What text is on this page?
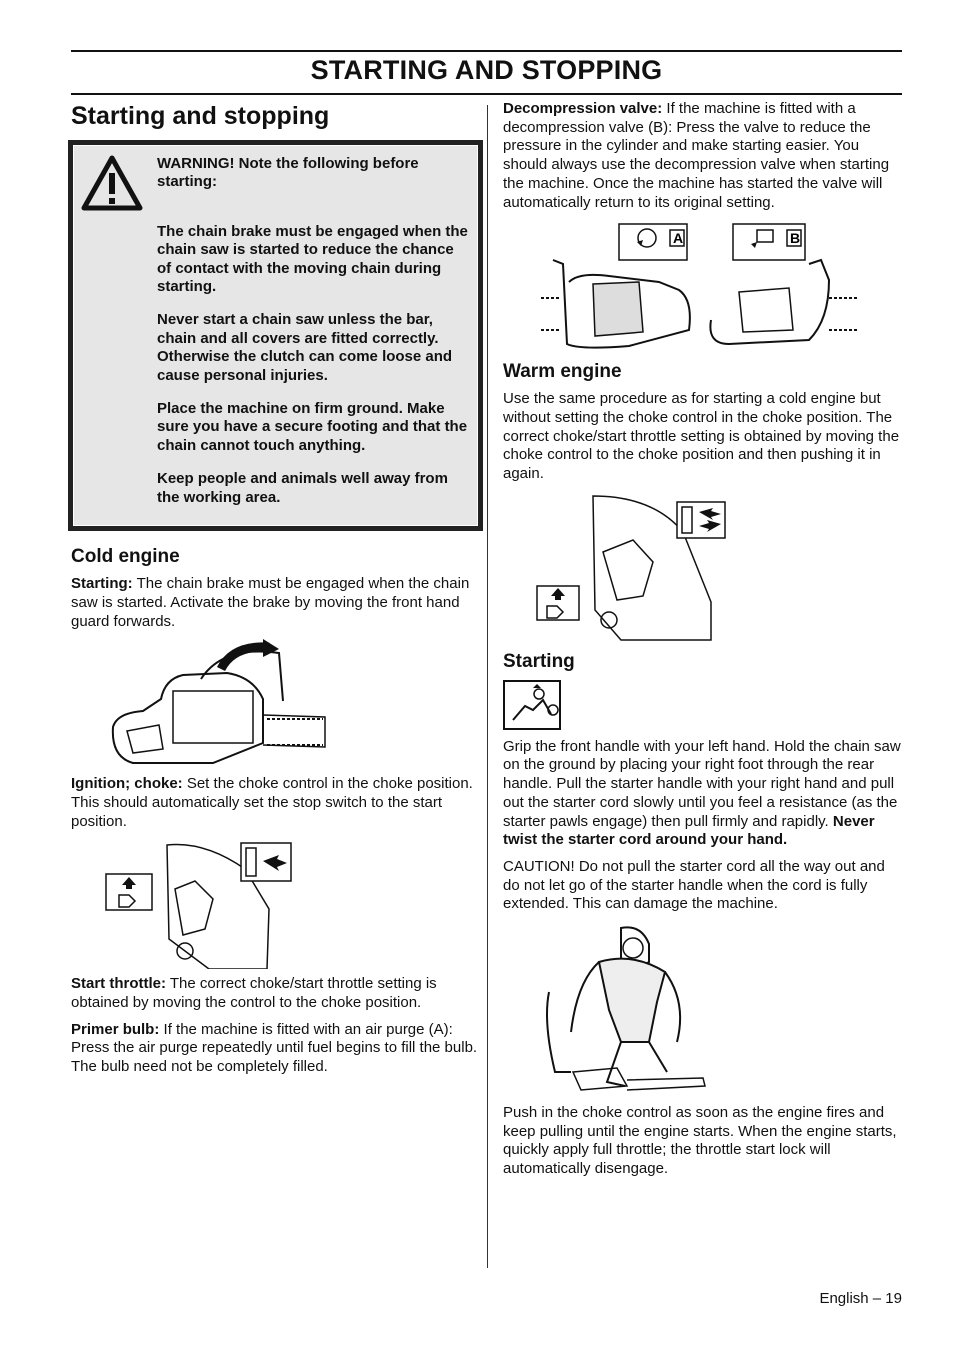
STARTING AND STOPPING
Starting and stopping

WARNING! Note the following before starting:

The chain brake must be engaged when the chain saw is started to reduce the chance of contact with the moving chain during starting.

Never start a chain saw unless the bar, chain and all covers are fitted correctly. Otherwise the clutch can come loose and cause personal injuries.

Place the machine on firm ground. Make sure you have a secure footing and that the chain cannot touch anything.

Keep people and animals well away from the working area.

Cold engine

Starting: The chain brake must be engaged when the chain saw is started. Activate the brake by moving the front hand guard forwards.

Ignition; choke: Set the choke control in the choke position. This should automatically set the stop switch to the start position.

Start throttle: The correct choke/start throttle setting is obtained by moving the control to the choke position.

Primer bulb: If the machine is fitted with an air purge (A): Press the air purge repeatedly until fuel begins to fill the bulb. The bulb need not be completely filled.

Decompression valve: If the machine is fitted with a decompression valve (B): Press the valve to reduce the pressure in the cylinder and make starting easier. You should always use the decompression valve when starting the machine. Once the machine has started the valve will automatically return to its original setting.

A	B
Warm engine

Use the same procedure as for starting a cold engine but without setting the choke control in the choke position. The correct choke/start throttle setting is obtained by moving the choke control to the choke position and then pushing it in again.

Starting

Grip the front handle with your left hand. Hold the chain saw on the ground by placing your right foot through the rear handle. Pull the starter handle with your right hand and pull out the starter cord slowly until you feel a resistance (as the starter pawls engage) then pull firmly and rapidly. Never twist the starter cord around your hand.

CAUTION! Do not pull the starter cord all the way out and do not let go of the starter handle when the cord is fully extended. This can damage the machine.

Push in the choke control as soon as the engine fires and keep pulling until the engine starts. When the engine starts, quickly apply full throttle; the throttle start lock will automatically disengage.

English – 19
